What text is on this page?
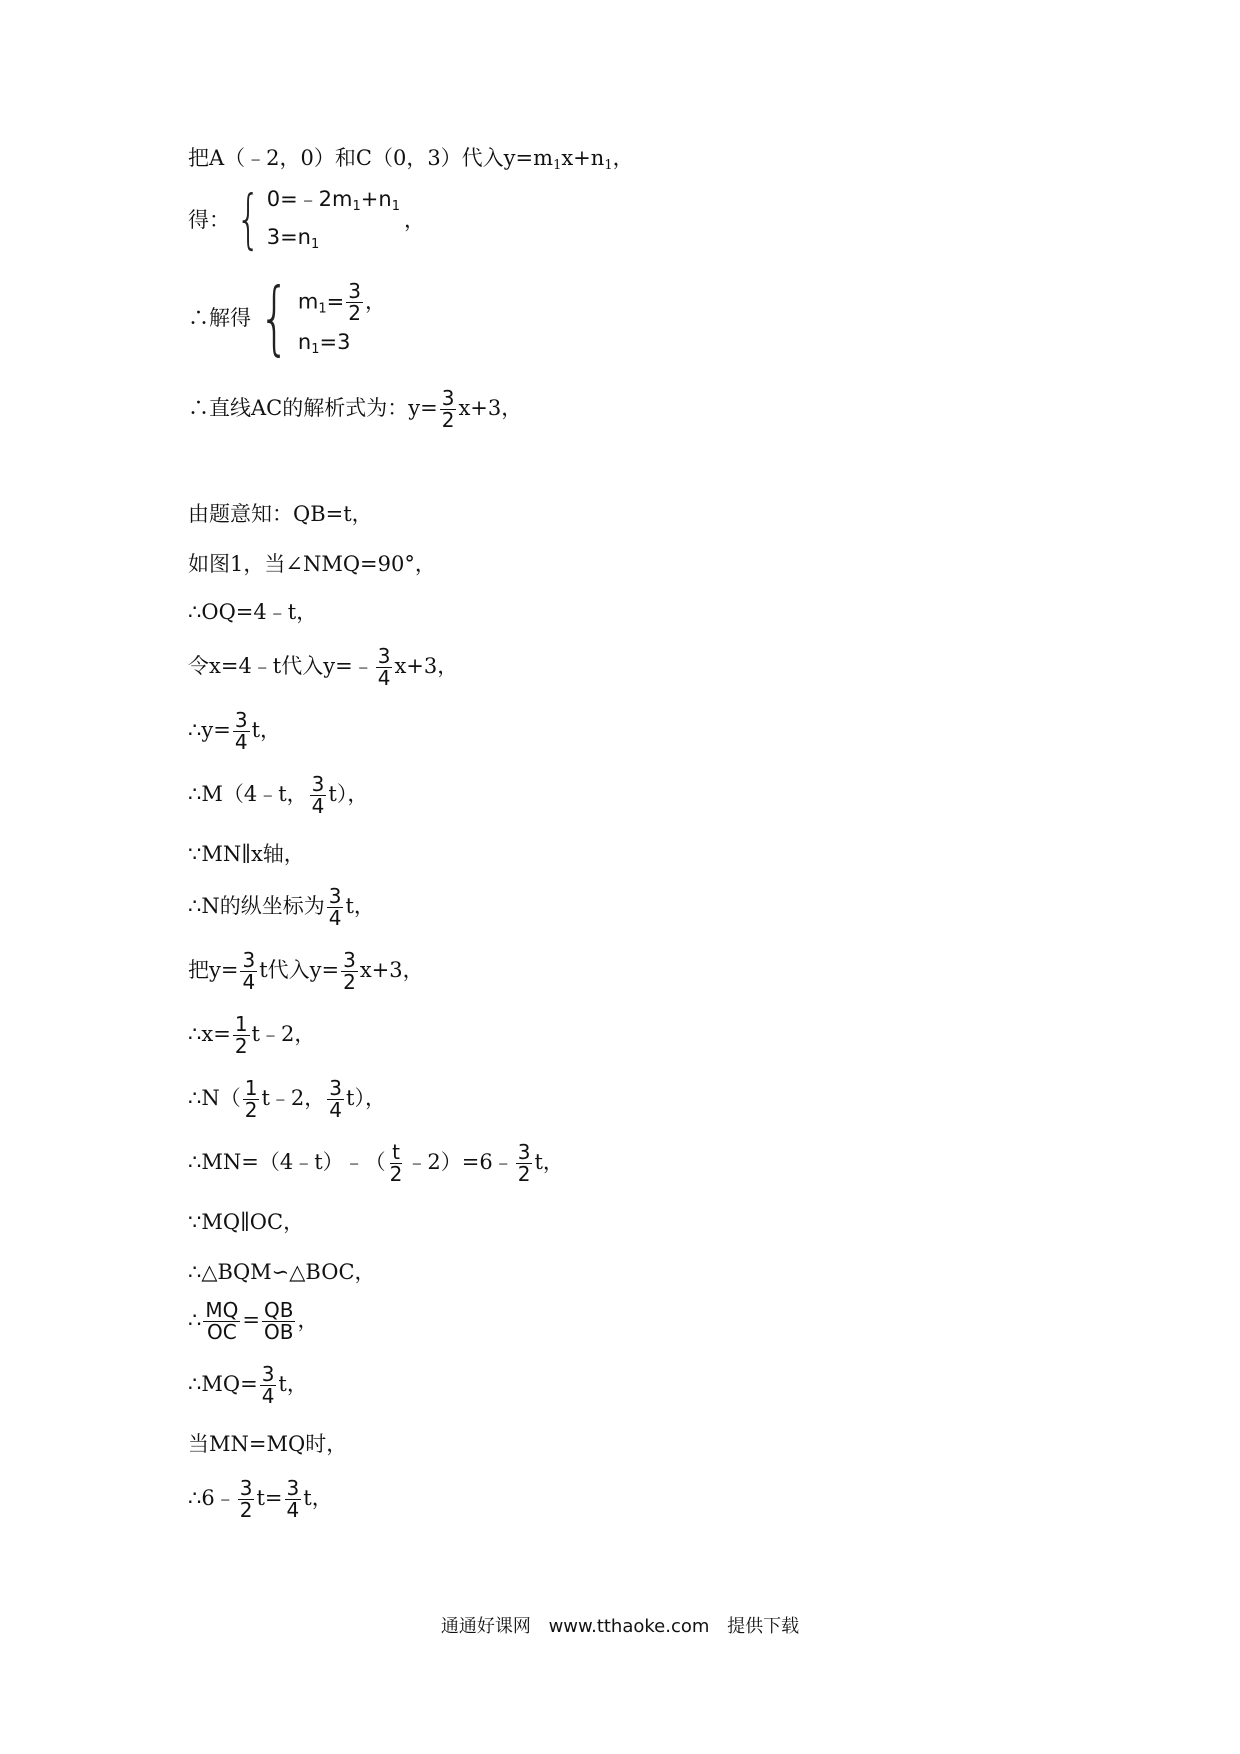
把A（﹣2，0）和C（0，3）代入$y=m_1x+n_1$，
得： { $0=﹣2m_1+n_1$
$3=n_1$
，
∴解得 { $m_1= \frac{3}{2}$ ，
$n_1=3$
∴直线AC的解析式为：$y= \frac{3}{2} x+3$，
由题意知：QB=t，
如图1，当∠NMQ=90°，
∴OQ=4﹣t，
令x=4﹣t代入y=﹣ $\frac{3}{4} x+3$，
∴y= $\frac{3}{4}$ t，
∴M（4﹣t， $\frac{3}{4} t$），
∵MN∥x轴，
∴N的纵坐标为 $\frac{3}{4}$ t，
把$y= \frac{3}{4}$ t代入$y= \frac{3}{2} x+3$，
∴x= $\frac{1}{2}$ t﹣2，
∴N（ $\frac{1}{2}$ t﹣2， $\frac{3}{4} t$），
∴MN=（4﹣t）﹣（ $\frac{t}{2}$ ﹣2）=6﹣ $\frac{3}{2}$ t，
∵MQ∥OC，
∴△BQM∽△BOC，
∴ $\frac{MQ}{OC} = \frac{QB}{OB}$ ，
∴MQ= $\frac{3}{4}$ t，
当MN=MQ时，
∴6﹣ $\frac{3}{2} t= \frac{3}{4}$ t，
通通好课网 www.tthaoke.com 提供下载
